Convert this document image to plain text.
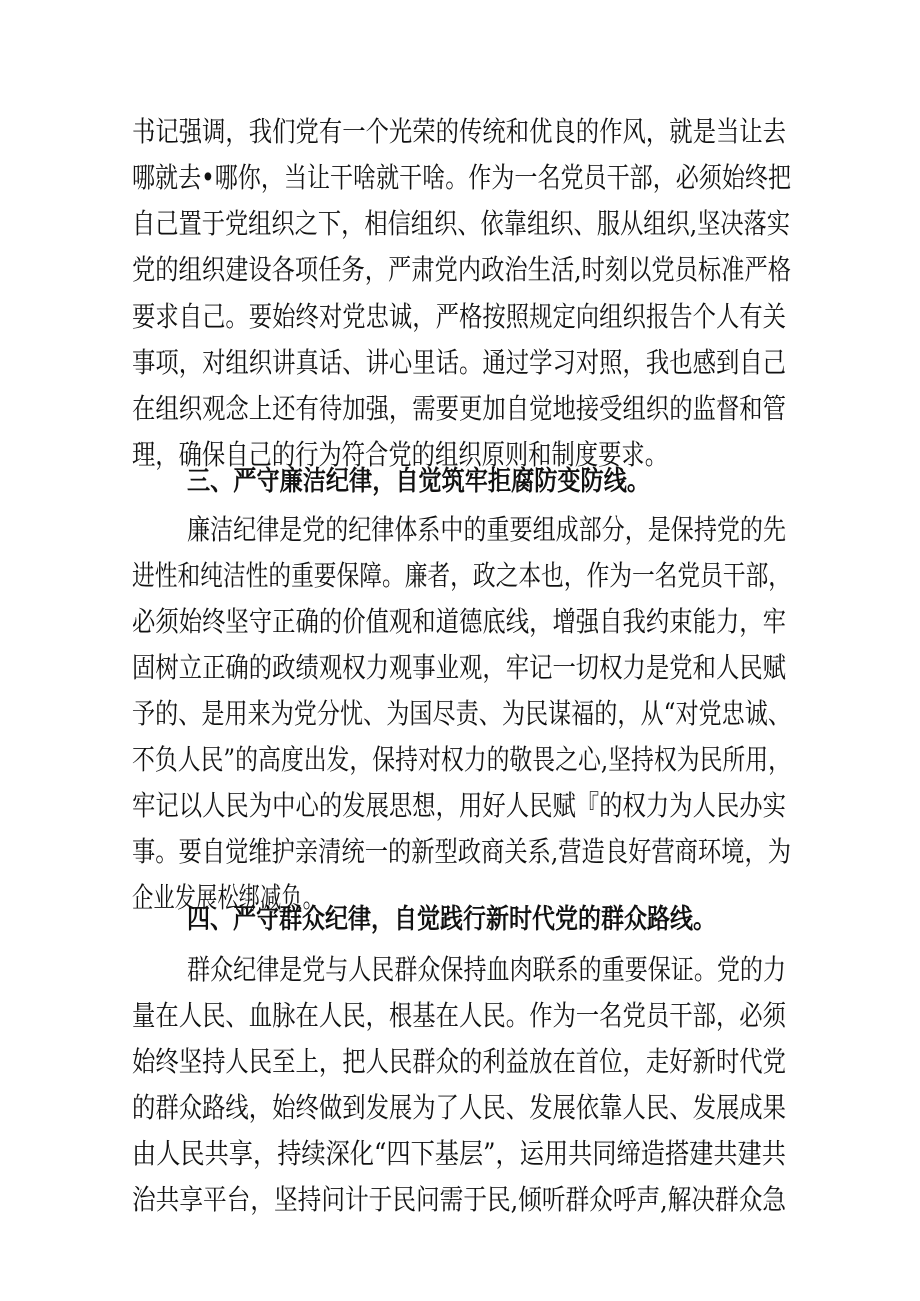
书记强调，我们党有一个光荣的传统和优良的作风，就是当让去
哪就去•哪你，当让干啥就干啥。作为一名党员干部，必须始终把
自己置于党组织之下，相信组织、依靠组织、服从组织,坚决落实
党的组织建设各项任务，严肃党内政治生活,时刻以党员标准严格
要求自己。要始终对党忠诚，严格按照规定向组织报告个人有关
事项，对组织讲真话、讲心里话。通过学习对照，我也感到自己
在组织观念上还有待加强，需要更加自觉地接受组织的监督和管
理，确保自己的行为符合党的组织原则和制度要求。
三、严守廉洁纪律，自觉筑牢拒腐防变防线。
廉洁纪律是党的纪律体系中的重要组成部分，是保持党的先
进性和纯洁性的重要保障。廉者，政之本也，作为一名党员干部，
必须始终坚守正确的价值观和道德底线，增强自我约束能力，牢
固树立正确的政绩观权力观事业观，牢记一切权力是党和人民赋
予的、是用来为党分忧、为国尽责、为民谋福的，从“对党忠诚、
不负人民”的高度出发，保持对权力的敬畏之心,坚持权为民所用，
牢记以人民为中心的发展思想，用好人民赋『的权力为人民办实
事。要自觉维护亲清统一的新型政商关系,营造良好营商环境，为
企业发展松绑减负。
四、严守群众纪律，自觉践行新时代党的群众路线。
群众纪律是党与人民群众保持血肉联系的重要保证。党的力
量在人民、血脉在人民，根基在人民。作为一名党员干部，必须
始终坚持人民至上，把人民群众的利益放在首位，走好新时代党
的群众路线，始终做到发展为了人民、发展依靠人民、发展成果
由人民共享，持续深化“四下基层”，运用共同缔造搭建共建共
治共享平台，坚持问计于民问需于民,倾听群众呼声,解决群众急
